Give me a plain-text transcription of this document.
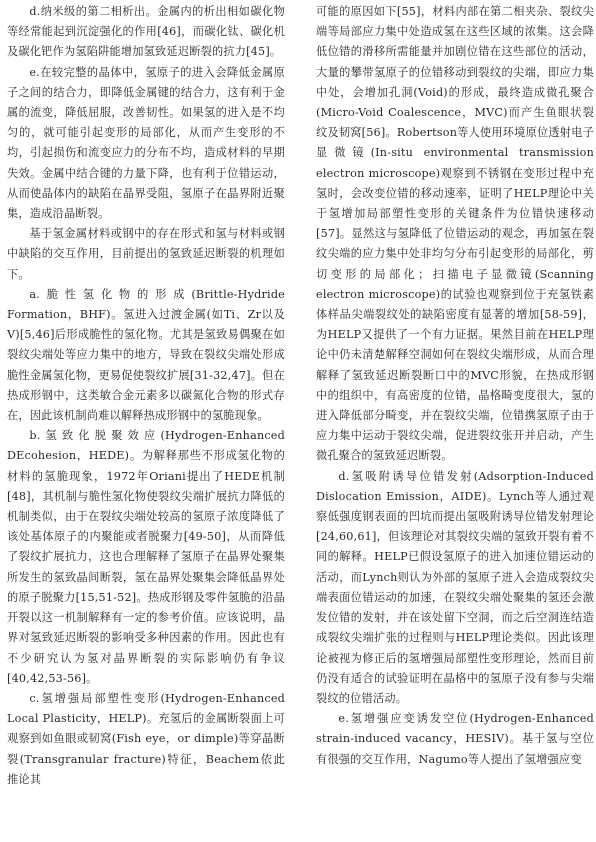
d.纳米级的第二相析出。金属内的析出相如碳化物等经常能起到沉淀强化的作用[46]，而碳化钛、碳化机及碳化钯作为氢陷阱能增加氢致延迟断裂的抗力[45]。

e.在较完整的晶体中，氢原子的进入会降低金属原子之间的结合力，即降低金属键的结合力，这有利于金属的流变，降低屈服，改善韧性。如果氢的进入是不均匀的，就可能引起变形的局部化，从而产生变形的不均，引起损伤和流变应力的分布不均，造成材料的早期失效。金属中结合键的力量下降，也有利于位错运动，从而使晶体内的缺陷在晶界受阻，氢原子在晶界附近聚集，造成沿晶断裂。

基于氢金属材料或钢中的存在形式和氢与材料或钢中缺陷的交互作用，目前提出的氢致延迟断裂的机理如下。

a.脆性氢化物的形成(Brittle-Hydride Formation，BHF)。氢进入过渡金属(如Ti、Zr以及V)[5,46]后形成脆性的氢化物。尤其是氢致易偶聚在如裂纹尖端处等应力集中的地方，导致在裂纹尖端处形成脆性金属氢化物，更易促使裂纹扩展[31-32,47]。但在热成形钢中，这类敏合金元素多以碳氮化合物的形式存在，因此该机制尚难以解释热成形钢中的氢脆现象。

b.氢致化脱聚效应(Hydrogen-Enhanced DEcohesion，HEDE)。为解释那些不形成氢化物的材料的氢脆现象，1972年Oriani提出了HEDE机制[48]，其机制与脆性氢化物使裂纹尖端扩展抗力降低的机制类似，由于在裂纹尖端处较高的氢原子浓度降低了该处基体原子的内聚能或者脱聚力[49-50]，从而降低了裂纹扩展抗力，这也合理解释了氢原子在晶界处聚集所发生的氢致晶间断裂，氢在晶界处聚集会降低晶界处的原子脱聚力[15,51-52]。热成形钢及零件氢脆的沿晶开裂以这一机制解释有一定的参考价值。应该说明，晶界对氢致延迟断裂的影响受多种因素的作用。因此也有不少研究认为氢对晶界断裂的实际影响仍有争议[40,42,53-56]。

c.氢增强局部塑性变形(Hydrogen-Enhanced Local Plasticity，HELP)。充氢后的金属断裂面上可观察到如鱼眼或韧窝(Fish eye，or dimple)等穿晶断裂(Transgranular fracture)特征，Beachem依此推论其

可能的原因如下[55]，材料内部在第二相夹杂、裂纹尖端等局部应力集中处造成氢在这些区域的浓集。这会降低位错的滑移所需能量并加剧位错在这些部位的活动，大量的攀带氢原子的位错移动到裂纹的尖端，即应力集中处，会增加孔洞(Void)的形成，最终造成微孔聚合(Micro-Void Coalescence，MVC)而产生鱼眼状裂纹及韧窝[56]。Robertson等人使用环境原位透射电子显微镜(In-situ environmental transmission electron microscope)观察到不锈钢在变形过程中充氢时，会改变位错的移动速率，证明了HELP理论中关于氢增加局部塑性变形的关键条件为位错快速移动[57]。显然这与氢降低了位错运动的观念，再加氢在裂纹尖端的应力集中处非均匀分布引起变形的局部化，剪切变形的局部化；扫描电子显微镜(Scanning electron microscope)的试验也观察到位于充氢铁素体样品尖端裂纹处的缺陷密度有显著的增加[58-59]，为HELP又提供了一个有力证据。果然目前在HELP理论中仍未清楚解释空洞如何在裂纹尖端形成，从而合理解释了氢致延迟断裂断口中的MVC形貌，在热成形钢中的组织中，有高密度的位错，晶格畸变度很大，氢的进入降低部分畸变，并在裂纹尖端，位错携氢原子由于应力集中运动于裂纹尖端，促进裂纹张开并启动，产生微孔聚合的氢致延迟断裂。

d.氢吸附诱导位错发射(Adsorption-Induced Dislocation Emission，AIDE)。Lynch等人通过观察低强度钢表面的凹坑而提出氢吸附诱导位错发射理论[24,60,61]，但该理论对其裂纹尖端的氢致开裂有着不同的解释。HELP已假设氢原子的进入加速位错运动的活动，而Lynch则认为外部的氢原子进入会造成裂纹尖端表面位错运动的加速，在裂纹尖端处聚集的氢还会激发位错的发射，并在该处留下空洞，而之后空洞连结造成裂纹尖端扩张的过程则与HELP理论类似。因此该理论被视为修正后的氢增强局部塑性变形理论，然而目前仍没有适合的试验证明在晶格中的氢原子没有参与尖端裂纹的位错活动。

e.氢增强应变诱发空位(Hydrogen-Enhanced strain-induced vacancy，HESIV)。基于氢与空位有很强的交互作用，Nagumo等人提出了氢增强应变
